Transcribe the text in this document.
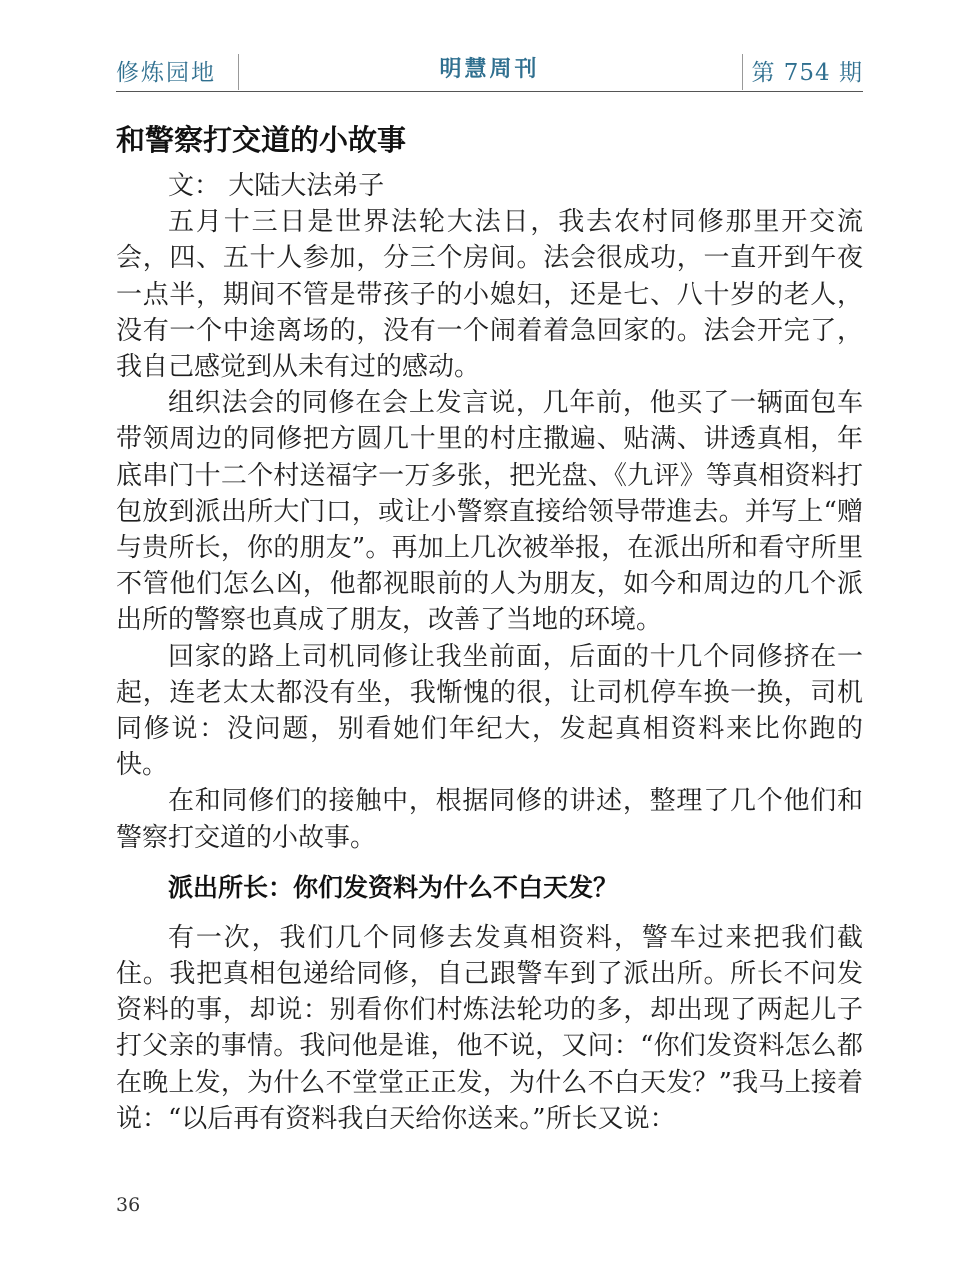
修炼园地	明慧周刊	第 754 期
和警察打交道的小故事

文： 大陆大法弟子

五月十三日是世界法轮大法日，我去农村同修那里开交流会，四、五十人参加，分三个房间。法会很成功，一直开到午夜一点半，期间不管是带孩子的小媳妇，还是七、八十岁的老人，没有一个中途离场的，没有一个闹着着急回家的。法会开完了，我自己感觉到从未有过的感动。

组织法会的同修在会上发言说，几年前，他买了一辆面包车带领周边的同修把方圆几十里的村庄撒遍、贴满、讲透真相，年底串门十二个村送福字一万多张，把光盘、《九评》等真相资料打包放到派出所大门口，或让小警察直接给领导带進去。并写上“赠与贵所长，你的朋友”。再加上几次被举报，在派出所和看守所里不管他们怎么凶，他都视眼前的人为朋友，如今和周边的几个派出所的警察也真成了朋友，改善了当地的环境。

回家的路上司机同修让我坐前面，后面的十几个同修挤在一起，连老太太都没有坐，我惭愧的很，让司机停车换一换，司机同修说：没问题，别看她们年纪大，发起真相资料来比你跑的快。

在和同修们的接触中，根据同修的讲述，整理了几个他们和警察打交道的小故事。

派出所长：你们发资料为什么不白天发？

有一次，我们几个同修去发真相资料，警车过来把我们截住。我把真相包递给同修，自己跟警车到了派出所。所长不问发资料的事，却说：别看你们村炼法轮功的多，却出现了两起儿子打父亲的事情。我问他是谁，他不说，又问：“你们发资料怎么都在晚上发，为什么不堂堂正正发，为什么不白天发？”我马上接着说：“以后再有资料我白天给你送来。”所长又说：

36
